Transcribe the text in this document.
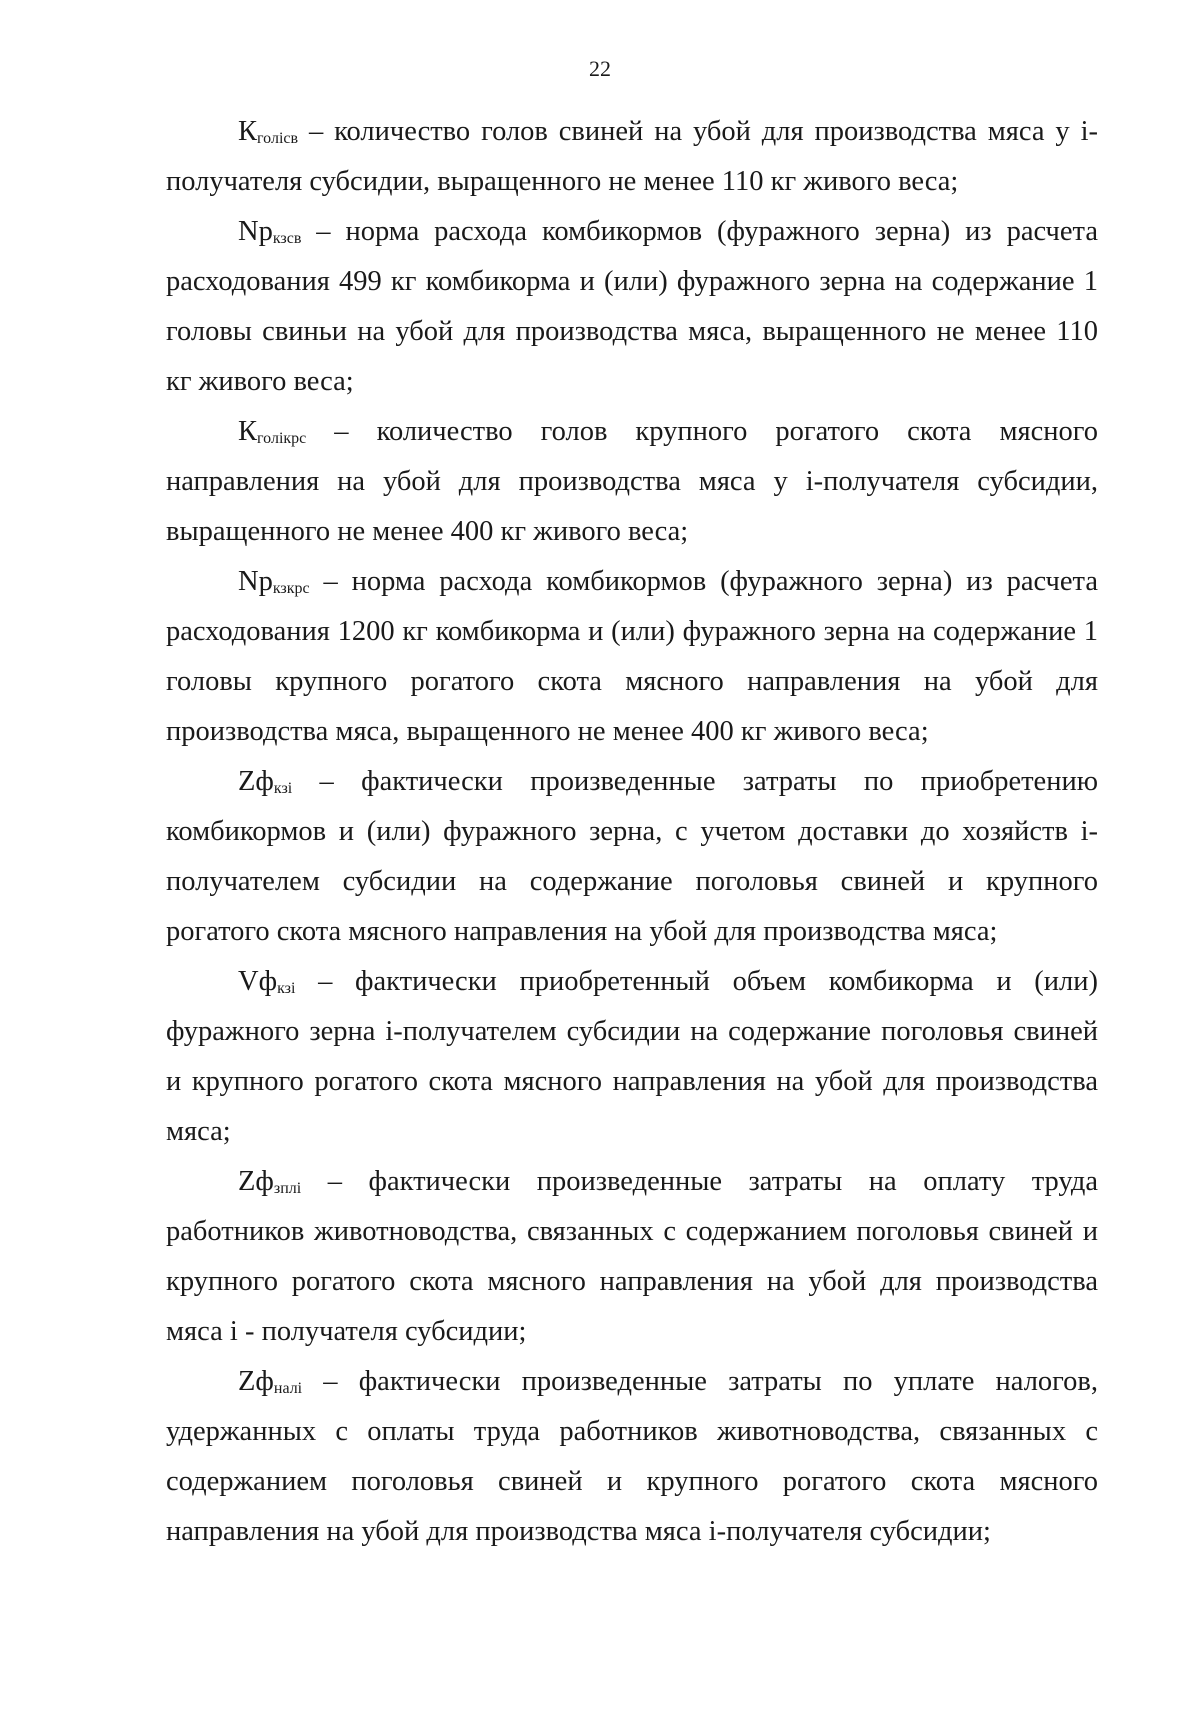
22

Кголiсв – количество голов свиней на убой для производства мяса у i-получателя субсидии, выращенного не менее 110 кг живого веса;

Npкзсв – норма расхода комбикормов (фуражного зерна) из расчета расходования 499 кг комбикорма и (или) фуражного зерна на содержание 1 головы свиньи на убой для производства мяса, выращенного не менее 110 кг живого веса;

Кголiкрс – количество голов крупного рогатого скота мясного направления на убой для производства мяса у i-получателя субсидии, выращенного не менее 400 кг живого веса;

Npкзкрс – норма расхода комбикормов (фуражного зерна) из расчета расходования 1200 кг комбикорма и (или) фуражного зерна на содержание 1 головы крупного рогатого скота мясного направления на убой для производства мяса, выращенного не менее 400 кг живого веса;

Zфкзi – фактически произведенные затраты по приобретению комбикормов и (или) фуражного зерна, с учетом доставки до хозяйств i-получателем субсидии на содержание поголовья свиней и крупного рогатого скота мясного направления на убой для производства мяса;

Vфкзi – фактически приобретенный объем комбикорма и (или) фуражного зерна i-получателем субсидии на содержание поголовья свиней и крупного рогатого скота мясного направления на убой для производства мяса;

Zфзплi – фактически произведенные затраты на оплату труда работников животноводства, связанных с содержанием поголовья свиней и крупного рогатого скота мясного направления на убой для производства мяса i - получателя субсидии;

Zфналi – фактически произведенные затраты по уплате налогов, удержанных с оплаты труда работников животноводства, связанных с содержанием поголовья свиней и крупного рогатого скота мясного направления на убой для производства мяса i-получателя субсидии;
